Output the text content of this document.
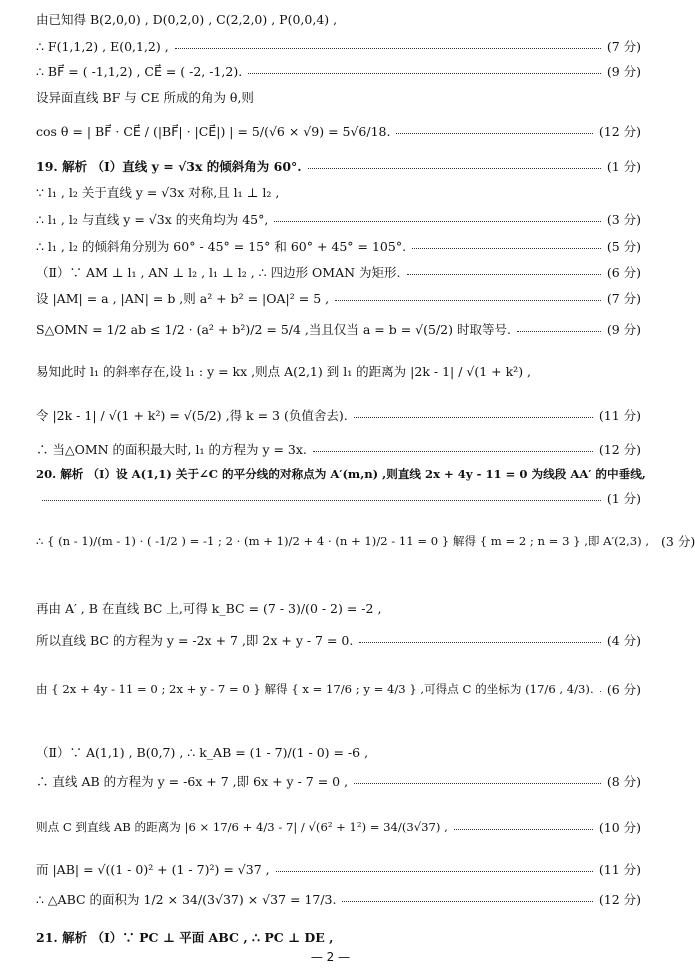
由已知得 B(2,0,0) , D(0,2,0) , C(2,2,0) , P(0,0,4) ,
∴ F(1,1,2) , E(0,1,2) ,	(7 分)
∴ BF⃗ = ( -1,1,2) , CE⃗ = ( -2, -1,2).	(9 分)
设异面直线 BF 与 CE 所成的角为 θ,则
cos θ = | BF⃗ · CE⃗ / (|BF⃗| · |CE⃗|) | = 5/(√6 × √9) = 5√6/18.	(12 分)
19. 解析 （Ⅰ）直线 y = √3x 的倾斜角为 60°.	(1 分)
∵ l₁ , l₂ 关于直线 y = √3x 对称,且 l₁ ⊥ l₂ ,
∴ l₁ , l₂ 与直线 y = √3x 的夹角均为 45°,	(3 分)
∴ l₁ , l₂ 的倾斜角分别为 60° - 45° = 15° 和 60° + 45° = 105°.	(5 分)
（Ⅱ）∵ AM ⊥ l₁ , AN ⊥ l₂ , l₁ ⊥ l₂ , ∴ 四边形 OMAN 为矩形.	(6 分)
设 |AM| = a , |AN| = b ,则 a² + b² = |OA|² = 5 ,	(7 分)
S△OMN = 1/2 ab ≤ 1/2 · (a² + b²)/2 = 5/4 ,当且仅当 a = b = √(5/2) 时取等号.	(9 分)
易知此时 l₁ 的斜率存在,设 l₁ : y = kx ,则点 A(2,1) 到 l₁ 的距离为 |2k - 1| / √(1 + k²) ,
令 |2k - 1| / √(1 + k²) = √(5/2) ,得 k = 3 (负值舍去).	(11 分)
∴ 当△OMN 的面积最大时, l₁ 的方程为 y = 3x.	(12 分)
20. 解析 （Ⅰ）设 A(1,1) 关于∠C 的平分线的对称点为 A′(m,n) ,则直线 2x + 4y - 11 = 0 为线段 AA′ 的中垂线,
(1 分)
∴ { (n - 1)/(m - 1) · ( -1/2 ) = -1 ; 2 · (m + 1)/2 + 4 · (n + 1)/2 - 11 = 0 } 解得 { m = 2 ; n = 3 } ,即 A′(2,3) , (3 分)
再由 A′ , B 在直线 BC 上,可得 k_BC = (7 - 3)/(0 - 2) = -2 ,
所以直线 BC 的方程为 y = -2x + 7 ,即 2x + y - 7 = 0.	(4 分)
由 { 2x + 4y - 11 = 0 ; 2x + y - 7 = 0 } 解得 { x = 17/6 ; y = 4/3 } ,可得点 C 的坐标为 (17/6 , 4/3). (6 分)
（Ⅱ）∵ A(1,1) , B(0,7) , ∴ k_AB = (1 - 7)/(1 - 0) = -6 ,
∴ 直线 AB 的方程为 y = -6x + 7 ,即 6x + y - 7 = 0 ,	(8 分)
则点 C 到直线 AB 的距离为 |6 × 17/6 + 4/3 - 7| / √(6² + 1²) = 34/(3√37) ,	(10 分)
而 |AB| = √((1 - 0)² + (1 - 7)²) = √37 ,	(11 分)
∴ △ABC 的面积为 1/2 × 34/(3√37) × √37 = 17/3.	(12 分)
21. 解析 （Ⅰ）∵ PC ⊥ 平面 ABC , ∴ PC ⊥ DE ,
— 2 —
